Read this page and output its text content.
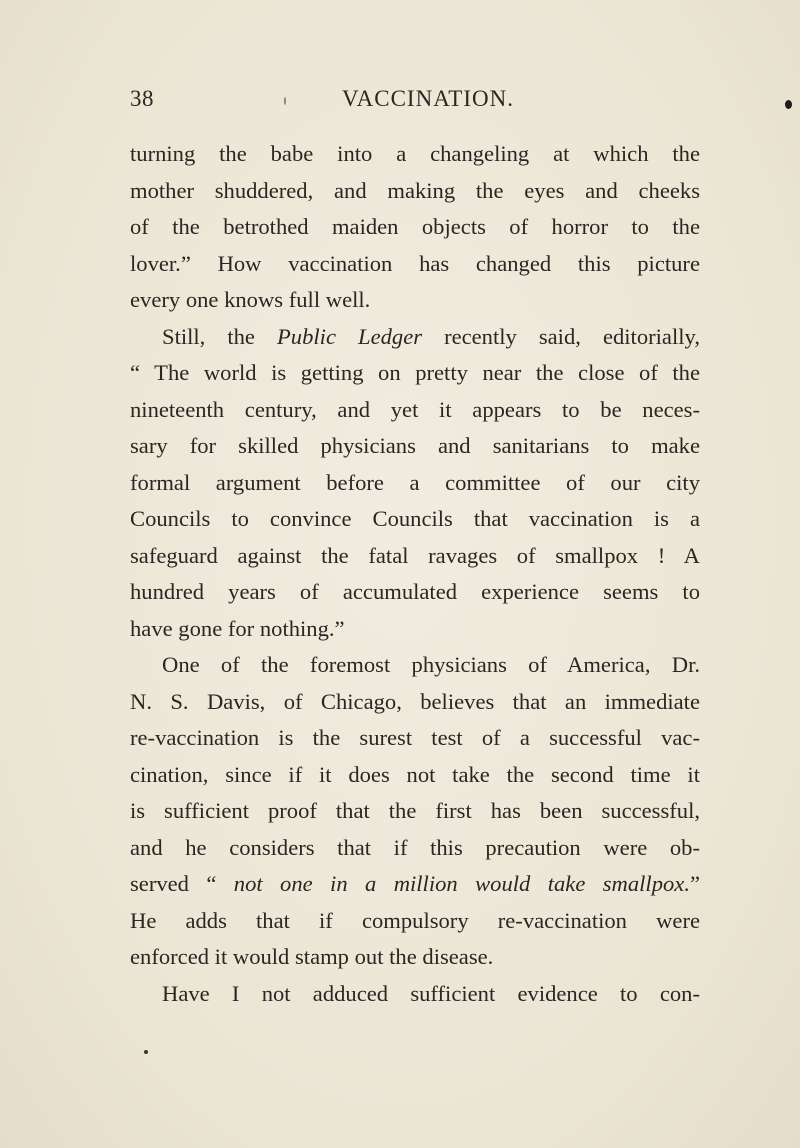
38	VACCINATION.
turning the babe into a changeling at which the
mother shuddered, and making the eyes and cheeks
of the betrothed maiden objects of horror to the
lover.” How vaccination has changed this picture
every one knows full well.
Still, the Public Ledger recently said, editorially,
“ The world is getting on pretty near the close of the
nineteenth century, and yet it appears to be neces-
sary for skilled physicians and sanitarians to make
formal argument before a committee of our city
Councils to convince Councils that vaccination is a
safeguard against the fatal ravages of smallpox ! A
hundred years of accumulated experience seems to
have gone for nothing.”
One of the foremost physicians of America, Dr.
N. S. Davis, of Chicago, believes that an immediate
re-vaccination is the surest test of a successful vac-
cination, since if it does not take the second time it
is sufficient proof that the first has been successful,
and he considers that if this precaution were ob-
served “ not one in a million would take smallpox.”
He adds that if compulsory re-vaccination were
enforced it would stamp out the disease.
Have I not adduced sufficient evidence to con-
